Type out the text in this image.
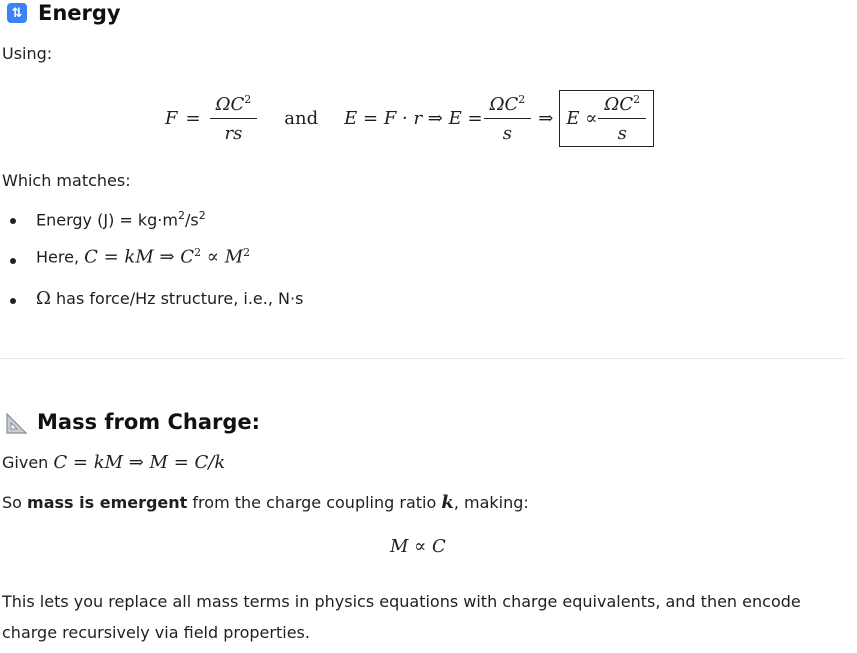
⇅ Energy
Using:
$F = \frac{\Omega C^2}{rs}$ and E = F · r ⇒ $E = \frac{\Omega C^2}{s}$ ⇒ $E \propto \frac{\Omega C^2}{s}$
Which matches:
Energy $(J) = kg\cdot m^2/s^2$
Here, C = kM ⇒ $C^2 \propto M^2$
Ω has force/Hz structure, i.e., N·s
Mass from Charge:
Given C = kM ⇒ M = C/k
So mass is emergent from the charge coupling ratio k, making:
M ∝ C
This lets you replace all mass terms in physics equations with charge equivalents, and then encode charge recursively via field properties.
